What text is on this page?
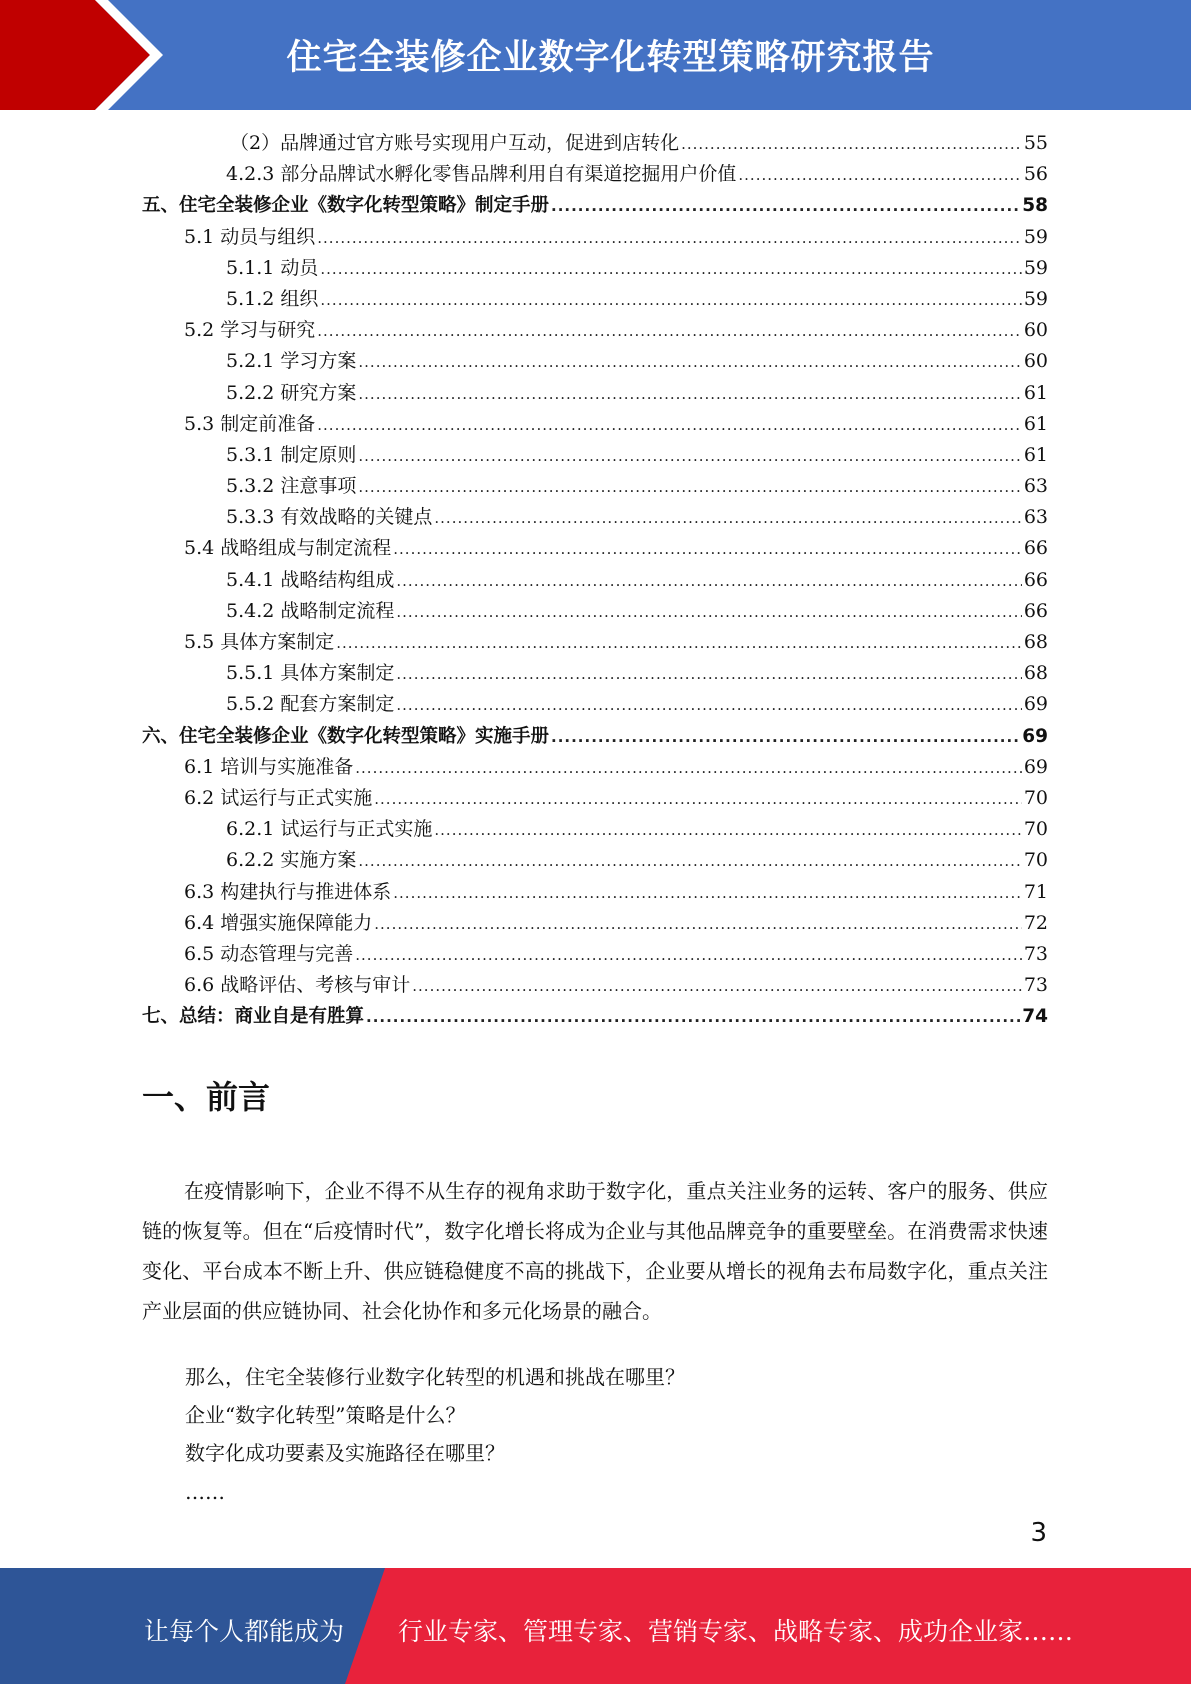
住宅全装修企业数字化转型策略研究报告
（2）品牌通过官方账号实现用户互动，促进到店转化 .....	55
4.2.3 部分品牌试水孵化零售品牌利用自有渠道挖掘用户价值 .....	56
五、住宅全装修企业《数字化转型策略》制定手册 .....	58
5.1 动员与组织 .....	59
5.1.1 动员 .....	59
5.1.2 组织 .....	59
5.2 学习与研究 .....	60
5.2.1 学习方案 .....	60
5.2.2 研究方案 .....	61
5.3 制定前准备 .....	61
5.3.1 制定原则 .....	61
5.3.2 注意事项 .....	63
5.3.3 有效战略的关键点 .....	63
5.4 战略组成与制定流程 .....	66
5.4.1 战略结构组成 .....	66
5.4.2 战略制定流程 .....	66
5.5 具体方案制定 .....	68
5.5.1 具体方案制定 .....	68
5.5.2 配套方案制定 .....	69
六、住宅全装修企业《数字化转型策略》实施手册 .....	69
6.1 培训与实施准备 .....	69
6.2 试运行与正式实施 .....	70
6.2.1 试运行与正式实施 .....	70
6.2.2 实施方案 .....	70
6.3 构建执行与推进体系 .....	71
6.4 增强实施保障能力 .....	72
6.5 动态管理与完善 .....	73
6.6 战略评估、考核与审计 .....	73
七、总结：商业自是有胜算 .....	74
一、前言
在疫情影响下，企业不得不从生存的视角求助于数字化，重点关注业务的运转、客户的服务、供应链的恢复等。但在“后疫情时代”，数字化增长将成为企业与其他品牌竞争的重要壁垒。在消费需求快速变化、平台成本不断上升、供应链稳健度不高的挑战下，企业要从增长的视角去布局数字化，重点关注产业层面的供应链协同、社会化协作和多元化场景的融合。
那么，住宅全装修行业数字化转型的机遇和挑战在哪里？
企业“数字化转型”策略是什么？
数字化成功要素及实施路径在哪里？
……
3
让每个人都能成为 行业专家、管理专家、营销专家、战略专家、成功企业家……
